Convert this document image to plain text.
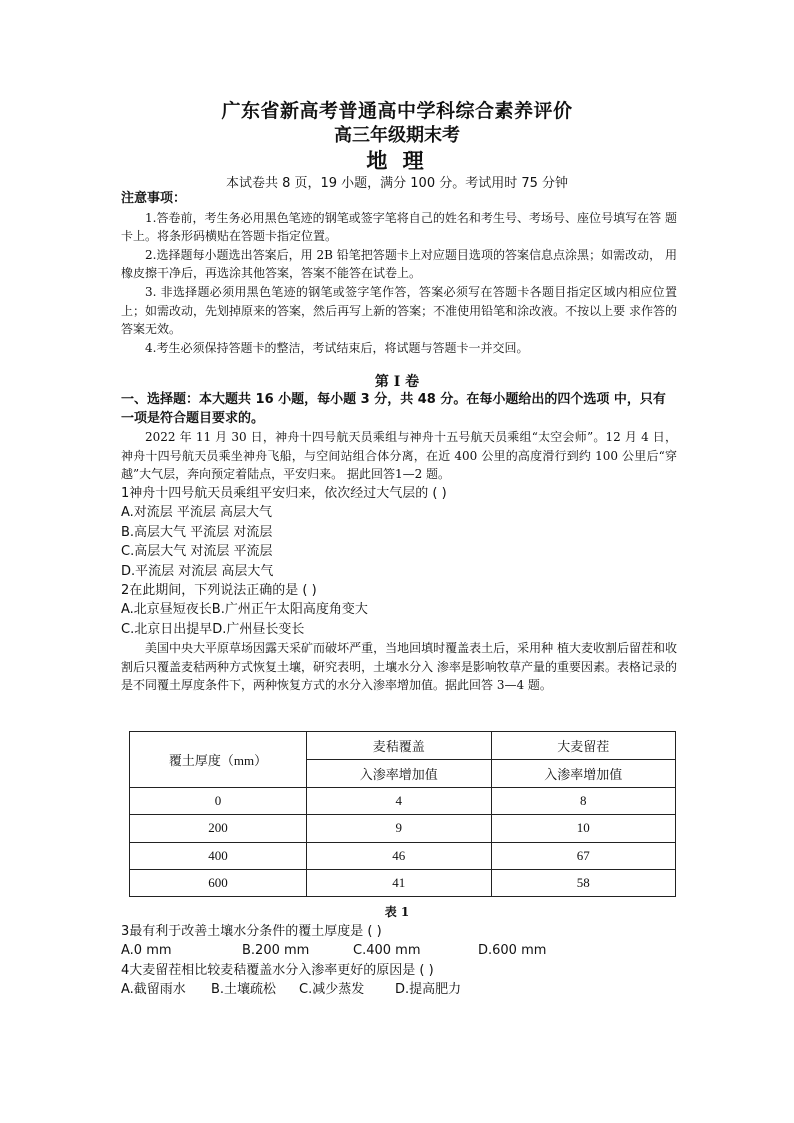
广东省新高考普通高中学科综合素养评价
高三年级期末考
地 理
本试卷共 8 页，19 小题，满分 100 分。考试用时 75 分钟
注意事项：
1.答卷前，考生务必用黑色笔迹的钢笔或签字笔将自己的姓名和考生号、考场号、座位号填写在答 题卡上。将条形码横贴在答题卡指定位置。
2.选择题每小题选出答案后，用 2B 铅笔把答题卡上对应题目选项的答案信息点涂黑；如需改动， 用橡皮擦干净后，再选涂其他答案，答案不能答在试卷上。
3. 非选择题必须用黑色笔迹的钢笔或签字笔作答，答案必须写在答题卡各题目指定区域内相应位置 上；如需改动，先划掉原来的答案，然后再写上新的答案；不准使用铅笔和涂改液。不按以上要 求作答的答案无效。
4.考生必须保持答题卡的整洁，考试结束后，将试题与答题卡一并交回。
第 Ⅰ 卷
一、选择题：本大题共 16 小题，每小题 3 分，共 48 分。在每小题给出的四个选项 中，只有一项是符合题目要求的。
2022 年 11 月 30 日，神舟十四号航天员乘组与神舟十五号航天员乘组“太空会师”。12 月 4 日，神舟十四号航天员乘坐神舟飞船，与空间站组合体分离，在近 400 公里的高度滑行到约 100 公里后“穿越”大气层，奔向预定着陆点，平安归来。 据此回答1—2 题。
1神舟十四号航天员乘组平安归来，依次经过大气层的 ( )
A.对流层 平流层 高层大气
B.高层大气 平流层 对流层
C.高层大气 对流层 平流层
D.平流层 对流层 高层大气
2在此期间，下列说法正确的是 ( )
A.北京昼短夜长B.广州正午太阳高度角变大
C.北京日出提早D.广州昼长变长
美国中央大平原草场因露天采矿而破坏严重，当地回填时覆盖表土后，采用种 植大麦收割后留茬和收割后只覆盖麦秸两种方式恢复土壤，研究表明，土壤水分入 渗率是影响牧草产量的重要因素。表格记录的是不同覆土厚度条件下，两种恢复方式的水分入渗率增加值。据此回答 3—4 题。
覆土厚度（mm）	麦秸覆盖	大麦留茬
	入渗率增加值	入渗率增加值
0	4	8
200	9	10
400	46	67
600	41	58
表 1
3最有利于改善土壤水分条件的覆土厚度是 ( )
A.0 mm	B.200 mm	C.400 mm	D.600 mm
4大麦留茬相比较麦秸覆盖水分入渗率更好的原因是 ( )
A.截留雨水	B.土壤疏松	C.减少蒸发	D.提高肥力
